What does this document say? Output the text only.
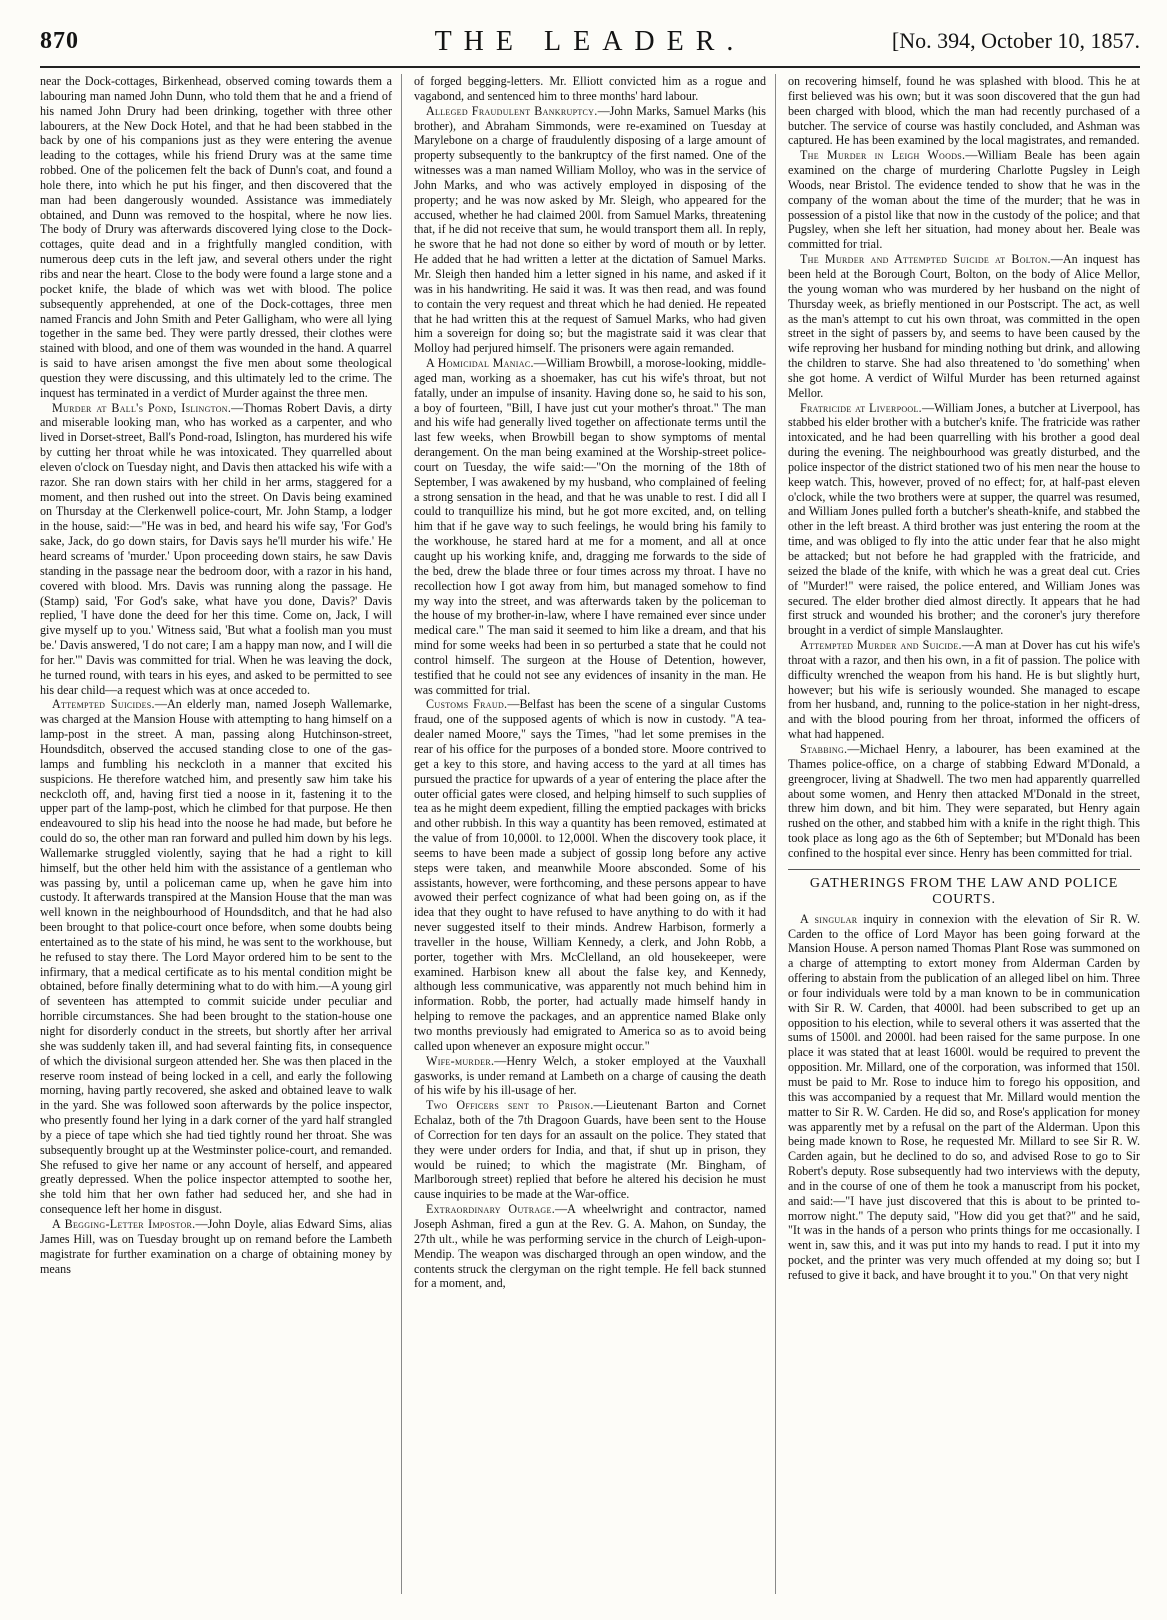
870	THE LEADER.	[No. 394, October 10, 1857.

near the Dock-cottages, Birkenhead, observed coming towards them a labouring man named John Dunn, who told them that he and a friend of his named John Drury had been drinking, together with three other labourers, at the New Dock Hotel, and that he had been stabbed in the back by one of his companions just as they were entering the avenue leading to the cottages, while his friend Drury was at the same time robbed. One of the policemen felt the back of Dunn's coat, and found a hole there, into which he put his finger, and then discovered that the man had been dangerously wounded. Assistance was immediately obtained, and Dunn was removed to the hospital, where he now lies. The body of Drury was afterwards discovered lying close to the Dock-cottages, quite dead and in a frightfully mangled condition, with numerous deep cuts in the left jaw, and several others under the right ribs and near the heart. Close to the body were found a large stone and a pocket knife, the blade of which was wet with blood. The police subsequently apprehended, at one of the Dock-cottages, three men named Francis and John Smith and Peter Galligham, who were all lying together in the same bed. They were partly dressed, their clothes were stained with blood, and one of them was wounded in the hand. A quarrel is said to have arisen amongst the five men about some theological question they were discussing, and this ultimately led to the crime. The inquest has terminated in a verdict of Murder against the three men.

Murder at Ball's Pond, Islington.—Thomas Robert Davis, a dirty and miserable looking man, who has worked as a carpenter, and who lived in Dorset-street, Ball's Pond-road, Islington, has murdered his wife by cutting her throat while he was intoxicated. They quarrelled about eleven o'clock on Tuesday night, and Davis then attacked his wife with a razor. She ran down stairs with her child in her arms, staggered for a moment, and then rushed out into the street. On Davis being examined on Thursday at the Clerkenwell police-court, Mr. John Stamp, a lodger in the house, said:—"He was in bed, and heard his wife say, 'For God's sake, Jack, do go down stairs, for Davis says he'll murder his wife.' He heard screams of 'murder.' Upon proceeding down stairs, he saw Davis standing in the passage near the bedroom door, with a razor in his hand, covered with blood. Mrs. Davis was running along the passage. He (Stamp) said, 'For God's sake, what have you done, Davis?' Davis replied, 'I have done the deed for her this time. Come on, Jack, I will give myself up to you.' Witness said, 'But what a foolish man you must be.' Davis answered, 'I do not care; I am a happy man now, and I will die for her.'" Davis was committed for trial. When he was leaving the dock, he turned round, with tears in his eyes, and asked to be permitted to see his dear child—a request which was at once acceded to.

Attempted Suicides.—An elderly man, named Joseph Wallemarke, was charged at the Mansion House with attempting to hang himself on a lamp-post in the street. A man, passing along Hutchinson-street, Houndsditch, observed the accused standing close to one of the gas-lamps and fumbling his neckcloth in a manner that excited his suspicions. He therefore watched him, and presently saw him take his neckcloth off, and, having first tied a noose in it, fastening it to the upper part of the lamp-post, which he climbed for that purpose. He then endeavoured to slip his head into the noose he had made, but before he could do so, the other man ran forward and pulled him down by his legs. Wallemarke struggled violently, saying that he had a right to kill himself, but the other held him with the assistance of a gentleman who was passing by, until a policeman came up, when he gave him into custody. It afterwards transpired at the Mansion House that the man was well known in the neighbourhood of Houndsditch, and that he had also been brought to that police-court once before, when some doubts being entertained as to the state of his mind, he was sent to the workhouse, but he refused to stay there. The Lord Mayor ordered him to be sent to the infirmary, that a medical certificate as to his mental condition might be obtained, before finally determining what to do with him.—A young girl of seventeen has attempted to commit suicide under peculiar and horrible circumstances. She had been brought to the station-house one night for disorderly conduct in the streets, but shortly after her arrival she was suddenly taken ill, and had several fainting fits, in consequence of which the divisional surgeon attended her. She was then placed in the reserve room instead of being locked in a cell, and early the following morning, having partly recovered, she asked and obtained leave to walk in the yard. She was followed soon afterwards by the police inspector, who presently found her lying in a dark corner of the yard half strangled by a piece of tape which she had tied tightly round her throat. She was subsequently brought up at the Westminster police-court, and remanded. She refused to give her name or any account of herself, and appeared greatly depressed. When the police inspector attempted to soothe her, she told him that her own father had seduced her, and she had in consequence left her home in disgust.

A Begging-Letter Impostor.—John Doyle, alias Edward Sims, alias James Hill, was on Tuesday brought up on remand before the Lambeth magistrate for further examination on a charge of obtaining money by means

of forged begging-letters. Mr. Elliott convicted him as a rogue and vagabond, and sentenced him to three months' hard labour.

Alleged Fraudulent Bankruptcy.—John Marks, Samuel Marks (his brother), and Abraham Simmonds, were re-examined on Tuesday at Marylebone on a charge of fraudulently disposing of a large amount of property subsequently to the bankruptcy of the first named. One of the witnesses was a man named William Molloy, who was in the service of John Marks, and who was actively employed in disposing of the property; and he was now asked by Mr. Sleigh, who appeared for the accused, whether he had claimed 200l. from Samuel Marks, threatening that, if he did not receive that sum, he would transport them all. In reply, he swore that he had not done so either by word of mouth or by letter. He added that he had written a letter at the dictation of Samuel Marks. Mr. Sleigh then handed him a letter signed in his name, and asked if it was in his handwriting. He said it was. It was then read, and was found to contain the very request and threat which he had denied. He repeated that he had written this at the request of Samuel Marks, who had given him a sovereign for doing so; but the magistrate said it was clear that Molloy had perjured himself. The prisoners were again remanded.

A Homicidal Maniac.—William Browbill, a morose-looking, middle-aged man, working as a shoemaker, has cut his wife's throat, but not fatally, under an impulse of insanity. Having done so, he said to his son, a boy of fourteen, "Bill, I have just cut your mother's throat." The man and his wife had generally lived together on affectionate terms until the last few weeks, when Browbill began to show symptoms of mental derangement. On the man being examined at the Worship-street police-court on Tuesday, the wife said:—"On the morning of the 18th of September, I was awakened by my husband, who complained of feeling a strong sensation in the head, and that he was unable to rest. I did all I could to tranquillize his mind, but he got more excited, and, on telling him that if he gave way to such feelings, he would bring his family to the workhouse, he stared hard at me for a moment, and all at once caught up his working knife, and, dragging me forwards to the side of the bed, drew the blade three or four times across my throat. I have no recollection how I got away from him, but managed somehow to find my way into the street, and was afterwards taken by the policeman to the house of my brother-in-law, where I have remained ever since under medical care." The man said it seemed to him like a dream, and that his mind for some weeks had been in so perturbed a state that he could not control himself. The surgeon at the House of Detention, however, testified that he could not see any evidences of insanity in the man. He was committed for trial.

Customs Fraud.—Belfast has been the scene of a singular Customs fraud, one of the supposed agents of which is now in custody. "A tea-dealer named Moore," says the Times, "had let some premises in the rear of his office for the purposes of a bonded store. Moore contrived to get a key to this store, and having access to the yard at all times has pursued the practice for upwards of a year of entering the place after the outer official gates were closed, and helping himself to such supplies of tea as he might deem expedient, filling the emptied packages with bricks and other rubbish. In this way a quantity has been removed, estimated at the value of from 10,000l. to 12,000l. When the discovery took place, it seems to have been made a subject of gossip long before any active steps were taken, and meanwhile Moore absconded. Some of his assistants, however, were forthcoming, and these persons appear to have avowed their perfect cognizance of what had been going on, as if the idea that they ought to have refused to have anything to do with it had never suggested itself to their minds. Andrew Harbison, formerly a traveller in the house, William Kennedy, a clerk, and John Robb, a porter, together with Mrs. McClelland, an old housekeeper, were examined. Harbison knew all about the false key, and Kennedy, although less communicative, was apparently not much behind him in information. Robb, the porter, had actually made himself handy in helping to remove the packages, and an apprentice named Blake only two months previously had emigrated to America so as to avoid being called upon whenever an exposure might occur."

Wife-murder.—Henry Welch, a stoker employed at the Vauxhall gasworks, is under remand at Lambeth on a charge of causing the death of his wife by his ill-usage of her.

Two Officers sent to Prison.—Lieutenant Barton and Cornet Echalaz, both of the 7th Dragoon Guards, have been sent to the House of Correction for ten days for an assault on the police. They stated that they were under orders for India, and that, if shut up in prison, they would be ruined; to which the magistrate (Mr. Bingham, of Marlborough street) replied that before he altered his decision he must cause inquiries to be made at the War-office.

Extraordinary Outrage.—A wheelwright and contractor, named Joseph Ashman, fired a gun at the Rev. G. A. Mahon, on Sunday, the 27th ult., while he was performing service in the church of Leigh-upon-Mendip. The weapon was discharged through an open window, and the contents struck the clergyman on the right temple. He fell back stunned for a moment, and,

on recovering himself, found he was splashed with blood. This he at first believed was his own; but it was soon discovered that the gun had been charged with blood, which the man had recently purchased of a butcher. The service of course was hastily concluded, and Ashman was captured. He has been examined by the local magistrates, and remanded.

The Murder in Leigh Woods.—William Beale has been again examined on the charge of murdering Charlotte Pugsley in Leigh Woods, near Bristol. The evidence tended to show that he was in the company of the woman about the time of the murder; that he was in possession of a pistol like that now in the custody of the police; and that Pugsley, when she left her situation, had money about her. Beale was committed for trial.

The Murder and Attempted Suicide at Bolton.—An inquest has been held at the Borough Court, Bolton, on the body of Alice Mellor, the young woman who was murdered by her husband on the night of Thursday week, as briefly mentioned in our Postscript. The act, as well as the man's attempt to cut his own throat, was committed in the open street in the sight of passers by, and seems to have been caused by the wife reproving her husband for minding nothing but drink, and allowing the children to starve. She had also threatened to 'do something' when she got home. A verdict of Wilful Murder has been returned against Mellor.

Fratricide at Liverpool.—William Jones, a butcher at Liverpool, has stabbed his elder brother with a butcher's knife. The fratricide was rather intoxicated, and he had been quarrelling with his brother a good deal during the evening. The neighbourhood was greatly disturbed, and the police inspector of the district stationed two of his men near the house to keep watch. This, however, proved of no effect; for, at half-past eleven o'clock, while the two brothers were at supper, the quarrel was resumed, and William Jones pulled forth a butcher's sheath-knife, and stabbed the other in the left breast. A third brother was just entering the room at the time, and was obliged to fly into the attic under fear that he also might be attacked; but not before he had grappled with the fratricide, and seized the blade of the knife, with which he was a great deal cut. Cries of "Murder!" were raised, the police entered, and William Jones was secured. The elder brother died almost directly. It appears that he had first struck and wounded his brother; and the coroner's jury therefore brought in a verdict of simple Manslaughter.

Attempted Murder and Suicide.—A man at Dover has cut his wife's throat with a razor, and then his own, in a fit of passion. The police with difficulty wrenched the weapon from his hand. He is but slightly hurt, however; but his wife is seriously wounded. She managed to escape from her husband, and, running to the police-station in her night-dress, and with the blood pouring from her throat, informed the officers of what had happened.

Stabbing.—Michael Henry, a labourer, has been examined at the Thames police-office, on a charge of stabbing Edward M'Donald, a greengrocer, living at Shadwell. The two men had apparently quarrelled about some women, and Henry then attacked M'Donald in the street, threw him down, and bit him. They were separated, but Henry again rushed on the other, and stabbed him with a knife in the right thigh. This took place as long ago as the 6th of September; but M'Donald has been confined to the hospital ever since. Henry has been committed for trial.

GATHERINGS FROM THE LAW AND POLICE COURTS.

A singular inquiry in connexion with the elevation of Sir R. W. Carden to the office of Lord Mayor has been going forward at the Mansion House. A person named Thomas Plant Rose was summoned on a charge of attempting to extort money from Alderman Carden by offering to abstain from the publication of an alleged libel on him. Three or four individuals were told by a man known to be in communication with Sir R. W. Carden, that 4000l. had been subscribed to get up an opposition to his election, while to several others it was asserted that the sums of 1500l. and 2000l. had been raised for the same purpose. In one place it was stated that at least 1600l. would be required to prevent the opposition. Mr. Millard, one of the corporation, was informed that 150l. must be paid to Mr. Rose to induce him to forego his opposition, and this was accompanied by a request that Mr. Millard would mention the matter to Sir R. W. Carden. He did so, and Rose's application for money was apparently met by a refusal on the part of the Alderman. Upon this being made known to Rose, he requested Mr. Millard to see Sir R. W. Carden again, but he declined to do so, and advised Rose to go to Sir Robert's deputy. Rose subsequently had two interviews with the deputy, and in the course of one of them he took a manuscript from his pocket, and said:—"I have just discovered that this is about to be printed to-morrow night." The deputy said, "How did you get that?" and he said, "It was in the hands of a person who prints things for me occasionally. I went in, saw this, and it was put into my hands to read. I put it into my pocket, and the printer was very much offended at my doing so; but I refused to give it back, and have brought it to you." On that very night
